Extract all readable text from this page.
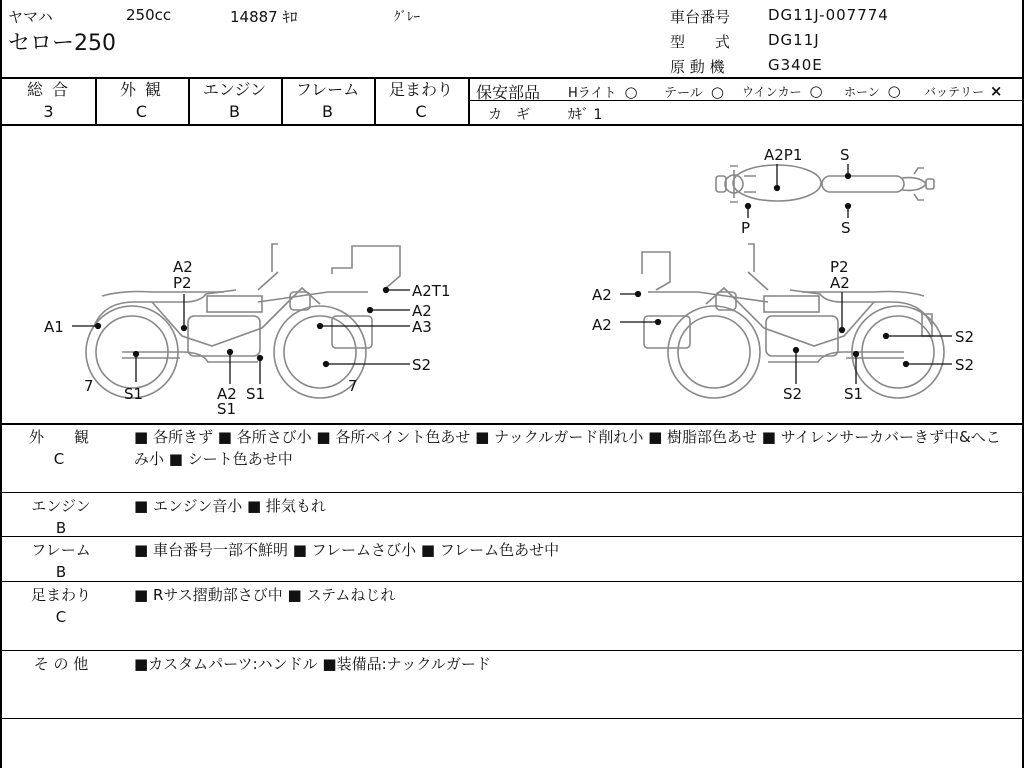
ヤマハ	250cc	14887 ｷﾛ	ｸﾞﾚｰ
セロー250
車台番号	DG11J-007774
型　　式	DG11J
原 動 機	G340E
総 合
3
外 観
C
エンジン
B
フレーム
B
足まわり
C
保安部品 Hライト ○ テール ○ ウインカー ○ ホーン ○ バッテリー ×
カ　ギ	ｶｷﾞ 1
A2P1	S
P	S
A2
P2
A1
7 S1	A2
S1
S1	7
A2T1
A2
A3
S2
A2
A2
P2
A2
S2
S2
S2	S1
外　　観
C
■ 各所きず ■ 各所さび小 ■ 各所ペイント色あせ ■ ナックルガード削れ小 ■ 樹脂部色あせ ■ サイレンサーカバーきず中&へこみ小 ■ シート色あせ中
エンジン
B
■ エンジン音小 ■ 排気もれ
フレーム
B
■ 車台番号一部不鮮明 ■ フレームさび小 ■ フレーム色あせ中
足まわり
C
■ Rサス摺動部さび中 ■ ステムねじれ
そ の 他	■カスタムパーツ:ハンドル ■装備品:ナックルガード
